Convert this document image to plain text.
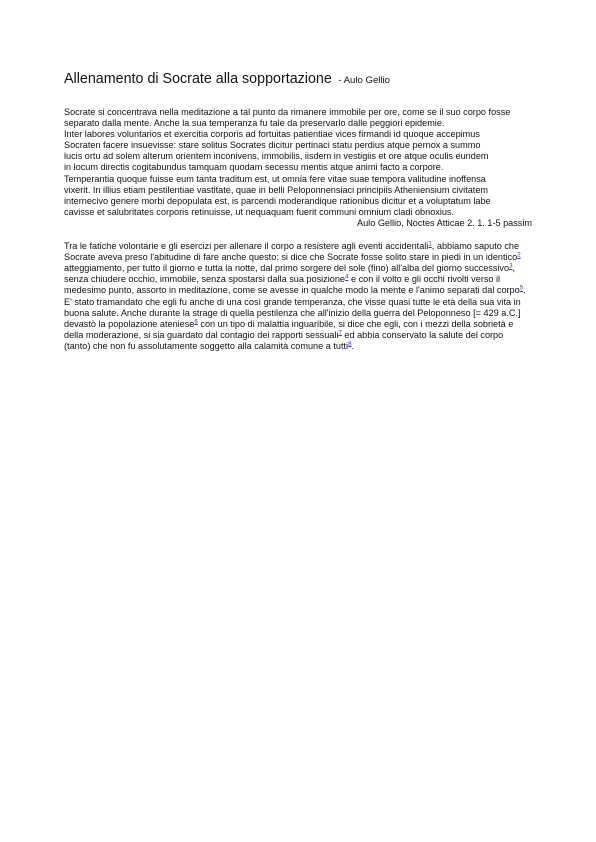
Allenamento di Socrate alla sopportazione - Aulo Gellio

Socrate si concentrava nella meditazione a tal punto da rimanere immobile per ore, come se il suo corpo fosse separato dalla mente. Anche la sua temperanza fu tale da preservarlo dalle peggiori epidemie.

Inter labores voluntarios et exercitia corporis ad fortuitas patientiae vices firmandi id quoque accepimus
Socraten facere insuevisse: stare solitus Socrates dicitur pertinaci statu perdius atque pernox a summo
lucis ortu ad solem alterum orientem inconivens, immobilis, iisdem in vestigiis et ore atque oculis eundem
in locum directis cogitabundus tamquam quodam secessu mentis atque animi facto a corpore.
Temperantia quoque fuisse eum tanta traditum est, ut omnia fere vitae suae tempora valitudine inoffensa
vixerit. In illius etiam pestilentiae vastitate, quae in belli Peloponnensiaci principiis Atheniensium civitatem
internecivo genere morbi depopulata est, is parcendi moderandique rationibus dicitur et a voluptatum labe
cavisse et salubritates corporis retinuisse, ut nequaquam fuerit communi omnium cladi obnoxius.

Aulo Gellio, Noctes Atticae 2. 1. 1-5 passim

Tra le fatiche volontarie e gli esercizi per allenare il corpo a resistere agli eventi accidentali$^1$, abbiamo saputo che Socrate aveva preso l'abitudine di fare anche questo: si dice che Socrate fosse solito stare in piedi in un identico$^2$ atteggiamento, per tutto il giorno e tutta la notte, dal primo sorgere del sole (fino) all'alba del giorno successivo$^3$, senza chiudere occhio, immobile, senza spostarsi dalla sua posizione$^4$ e con il volto e gli occhi rivolti verso il medesimo punto, assorto in meditazione, come se avesse in qualche modo la mente e l'animo separati dal corpo$^5$. E' stato tramandato che egli fu anche di una così grande temperanza, che visse quasi tutte le età della sua vita in buona salute. Anche durante la strage di quella pestilenza che all'inizio della guerra del Peloponneso [= 429 a.C.] devastò la popolazione ateniese$^6$ con un tipo di malattia inguaribile, si dice che egli, con i mezzi della sobrietà e della moderazione, si sia guardato dal contagio dei rapporti sessuali$^7$ ed abbia conservato la salute del corpo (tanto) che non fu assolutamente soggetto alla calamità comune a tutti$^8$.
